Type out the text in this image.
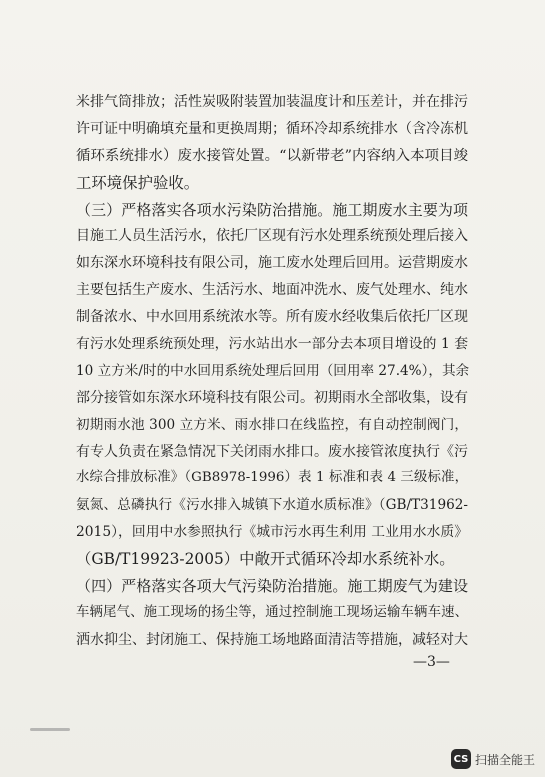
米排气筒排放；活性炭吸附装置加装温度计和压差计，并在排污
许可证中明确填充量和更换周期；循环冷却系统排水（含冷冻机
循环系统排水）废水接管处置。“以新带老”内容纳入本项目竣
工环境保护验收。
（三）严格落实各项水污染防治措施。施工期废水主要为项
目施工人员生活污水，依托厂区现有污水处理系统预处理后接入
如东深水环境科技有限公司，施工废水处理后回用。运营期废水
主要包括生产废水、生活污水、地面冲洗水、废气处理水、纯水
制备浓水、中水回用系统浓水等。所有废水经收集后依托厂区现
有污水处理系统预处理，污水站出水一部分去本项目增设的 1 套
10 立方米/时的中水回用系统处理后回用（回用率 27.4%），其余
部分接管如东深水环境科技有限公司。初期雨水全部收集，设有
初期雨水池 300 立方米、雨水排口在线监控，有自动控制阀门，
有专人负责在紧急情况下关闭雨水排口。废水接管浓度执行《污
水综合排放标准》（GB8978-1996）表 1 标准和表 4 三级标准，
氨氮、总磷执行《污水排入城镇下水道水质标准》（GB/T31962-
2015），回用中水参照执行《城市污水再生利用 工业用水水质》
（GB/T19923-2005）中敞开式循环冷却水系统补水。
（四）严格落实各项大气污染防治措施。施工期废气为建设
车辆尾气、施工现场的扬尘等，通过控制施工现场运输车辆车速、
洒水抑尘、封闭施工、保持施工场地路面清洁等措施，减轻对大
—3—
CS 扫描全能王
